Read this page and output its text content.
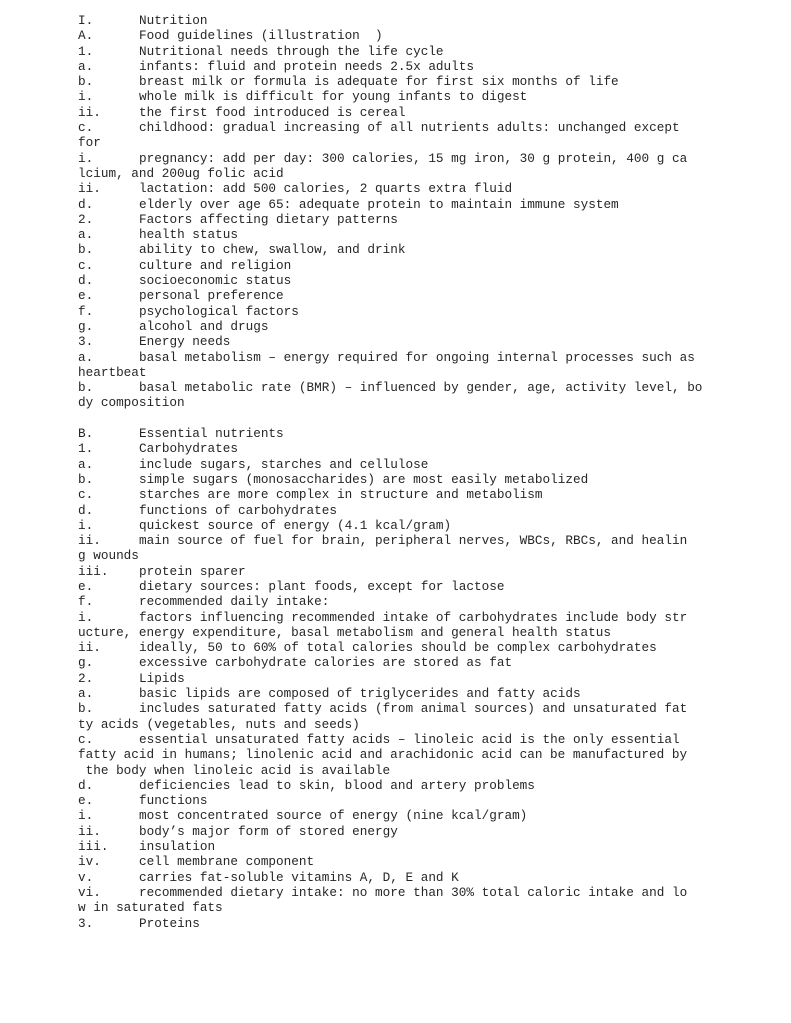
I.	Nutrition
A.	Food guidelines (illustration  )
1.	Nutritional needs through the life cycle
a.	infants: fluid and protein needs 2.5x adults
b.	breast milk or formula is adequate for first six months of life
i.	whole milk is difficult for young infants to digest
ii.	the first food introduced is cereal
c.	childhood: gradual increasing of all nutrients adults: unchanged except
for
i.	pregnancy: add per day: 300 calories, 15 mg iron, 30 g protein, 400 g ca
lcium, and 200ug folic acid
ii.	lactation: add 500 calories, 2 quarts extra fluid
d.	elderly over age 65: adequate protein to maintain immune system
2.	Factors affecting dietary patterns
a.	health status
b.	ability to chew, swallow, and drink
c.	culture and religion
d.	socioeconomic status
e.	personal preference
f.	psychological factors
g.	alcohol and drugs
3.	Energy needs
a.	basal metabolism – energy required for ongoing internal processes such as
heartbeat
b.	basal metabolic rate (BMR) – influenced by gender, age, activity level, bo
dy composition
B.	Essential nutrients
1.	Carbohydrates
a.	include sugars, starches and cellulose
b.	simple sugars (monosaccharides) are most easily metabolized
c.	starches are more complex in structure and metabolism
d.	functions of carbohydrates
i.	quickest source of energy (4.1 kcal/gram)
ii.	main source of fuel for brain, peripheral nerves, WBCs, RBCs, and healin
g wounds
iii. protein sparer
e.	dietary sources: plant foods, except for lactose
f.	recommended daily intake:
i.	factors influencing recommended intake of carbohydrates include body str
ucture, energy expenditure, basal metabolism and general health status
ii.	ideally, 50 to 60% of total calories should be complex carbohydrates
g.	excessive carbohydrate calories are stored as fat
2.	Lipids
a.	basic lipids are composed of triglycerides and fatty acids
b.	includes saturated fatty acids (from animal sources) and unsaturated fat
ty acids (vegetables, nuts and seeds)
c.	essential unsaturated fatty acids – linoleic acid is the only essential
fatty acid in humans; linolenic acid and arachidonic acid can be manufactured by
the body when linoleic acid is available
d.	deficiencies lead to skin, blood and artery problems
e.	functions
i.	most concentrated source of energy (nine kcal/gram)
ii.	body’s major form of stored energy
iii. insulation
iv.	cell membrane component
v.	carries fat-soluble vitamins A, D, E and K
vi.	recommended dietary intake: no more than 30% total caloric intake and lo
w in saturated fats
3.	Proteins
